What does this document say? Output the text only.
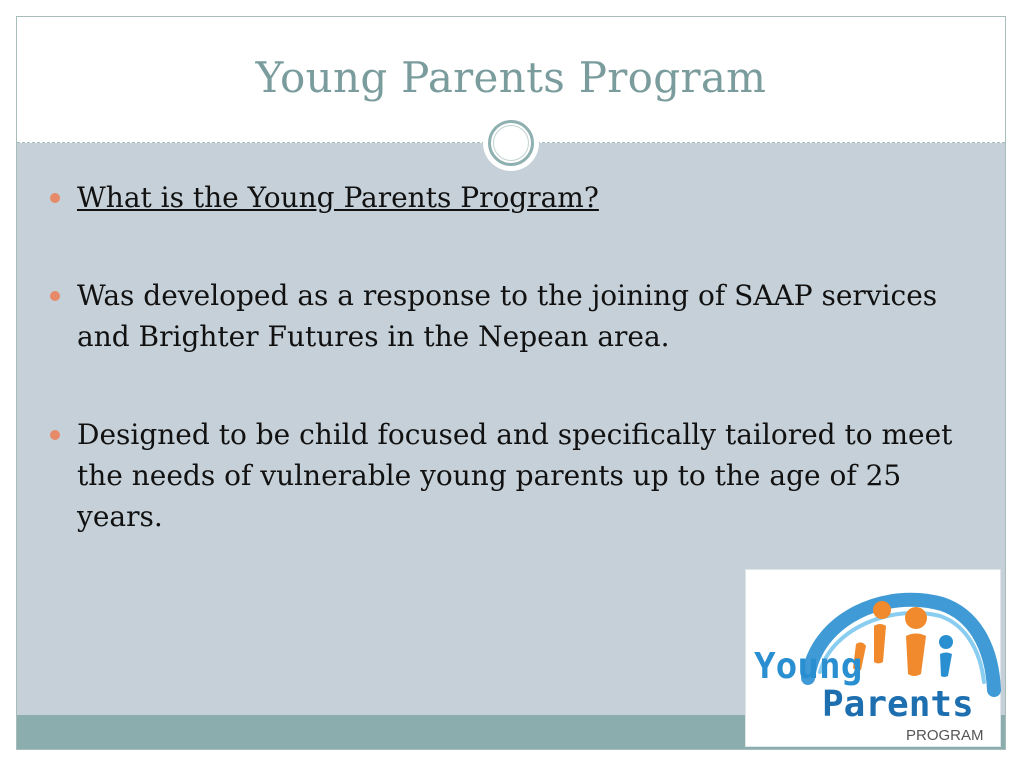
Young Parents Program
What is the Young Parents Program?
Was developed as a response to the joining of SAAP services and Brighter Futures in the Nepean area.
Designed to be child focused and specifically tailored to meet the needs of vulnerable young parents up to the age of 25 years.
Young
Parents
PROGRAM
